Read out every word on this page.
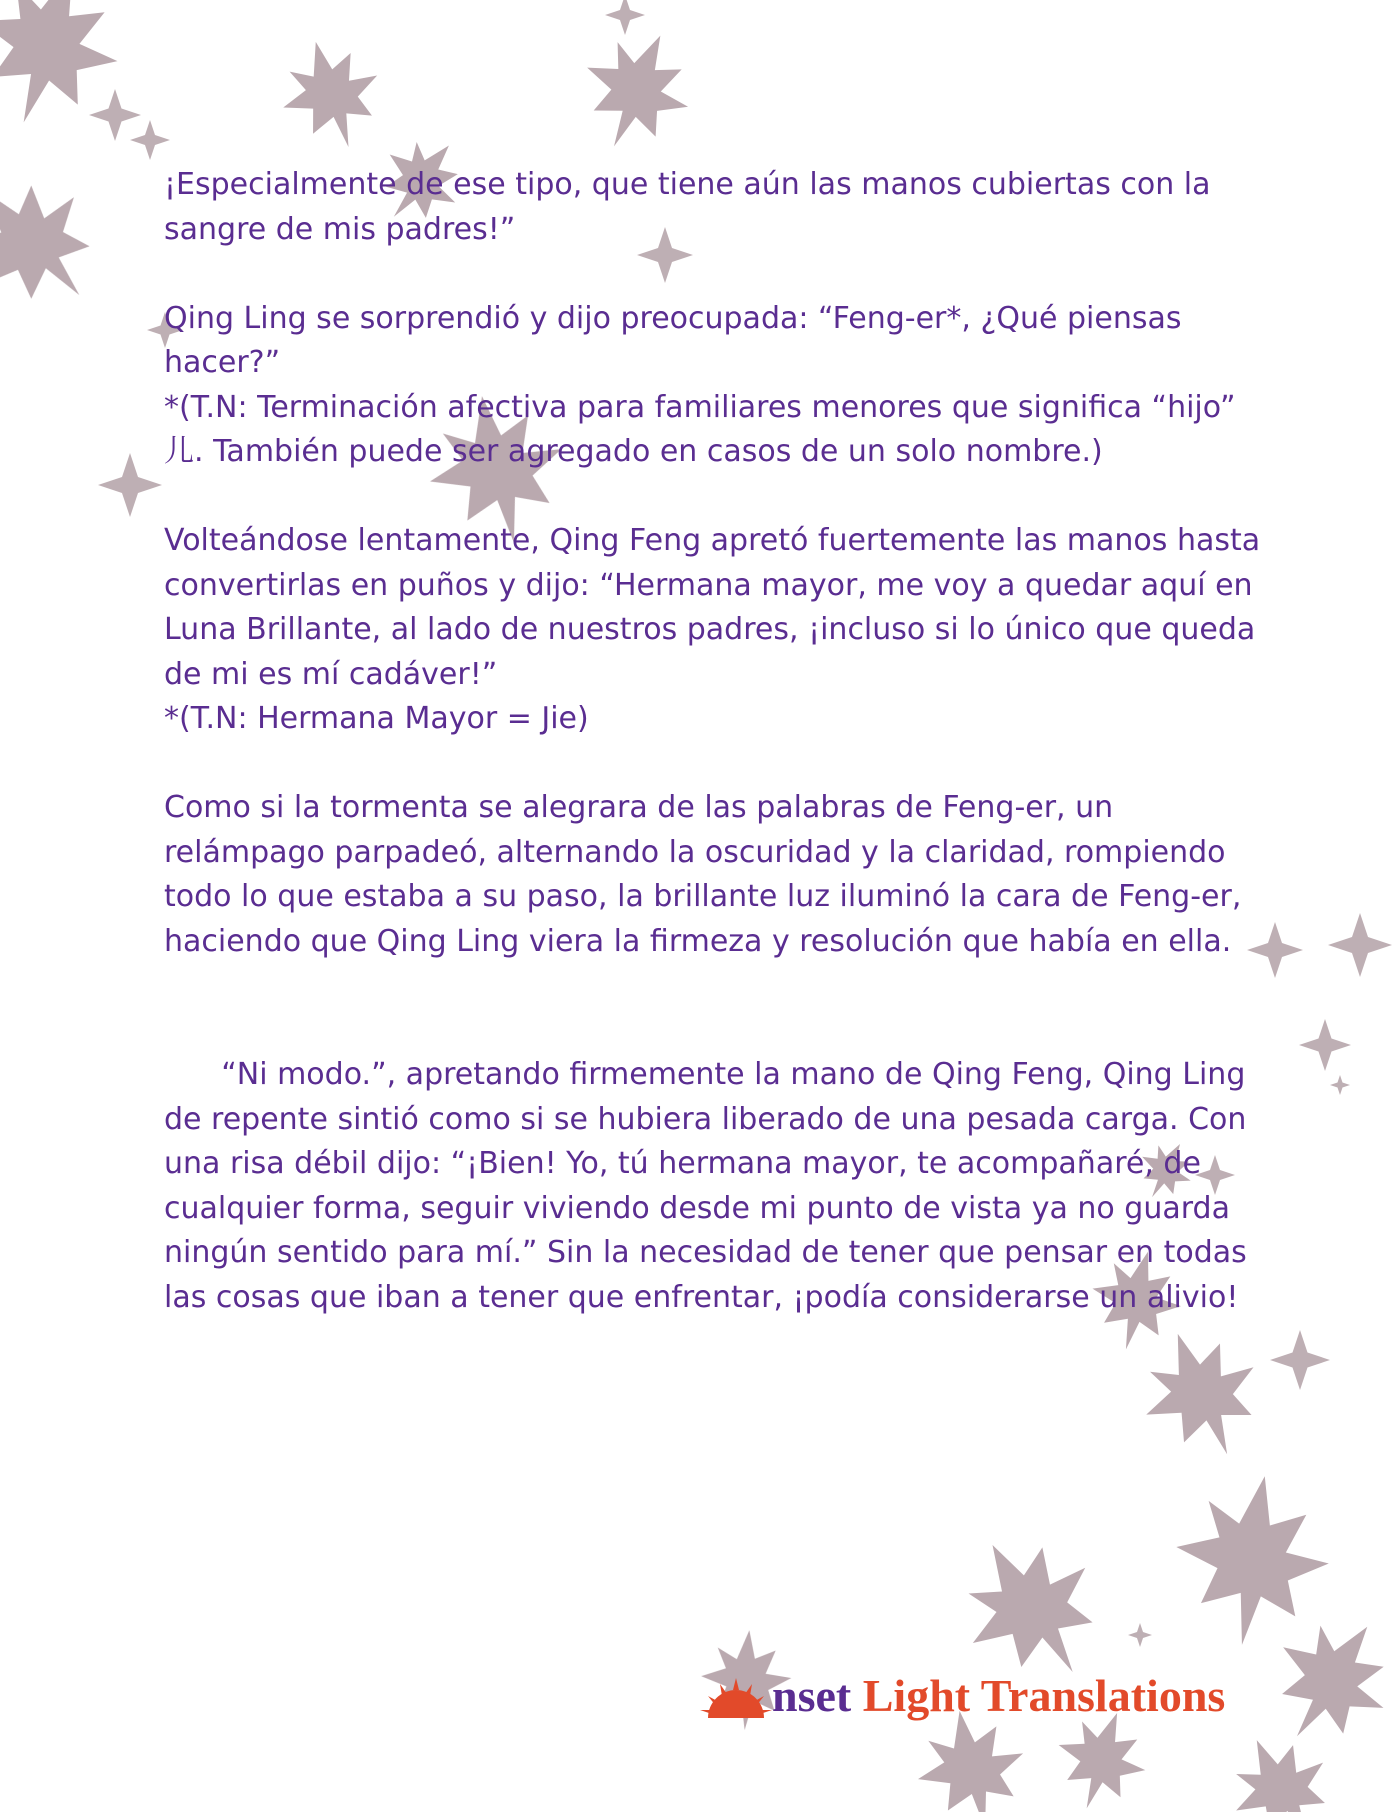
¡Especialmente de ese tipo, que tiene aún las manos cubiertas con la sangre de mis padres!”

Qing Ling se sorprendió y dijo preocupada: “Feng-er*, ¿Qué piensas hacer?”
*(T.N: Terminación afectiva para familiares menores que significa “hijo” 儿. También puede ser agregado en casos de un solo nombre.)

Volteándose lentamente, Qing Feng apretó fuertemente las manos hasta convertirlas en puños y dijo: “Hermana mayor, me voy a quedar aquí en Luna Brillante, al lado de nuestros padres, ¡incluso si lo único que queda de mi es mí cadáver!”
*(T.N: Hermana Mayor = Jie)

Como si la tormenta se alegrara de las palabras de Feng-er, un relámpago parpadeó, alternando la oscuridad y la claridad, rompiendo todo lo que estaba a su paso, la brillante luz iluminó la cara de Feng-er, haciendo que Qing Ling viera la firmeza y resolución que había en ella.

“Ni modo.”, apretando firmemente la mano de Qing Feng, Qing Ling de repente sintió como si se hubiera liberado de una pesada carga. Con una risa débil dijo: “¡Bien! Yo, tú hermana mayor, te acompañaré, de cualquier forma, seguir viviendo desde mi punto de vista ya no guarda ningún sentido para mí.” Sin la necesidad de tener que pensar en todas las cosas que iban a tener que enfrentar, ¡podía considerarse un alivio!

nset Light Translations
